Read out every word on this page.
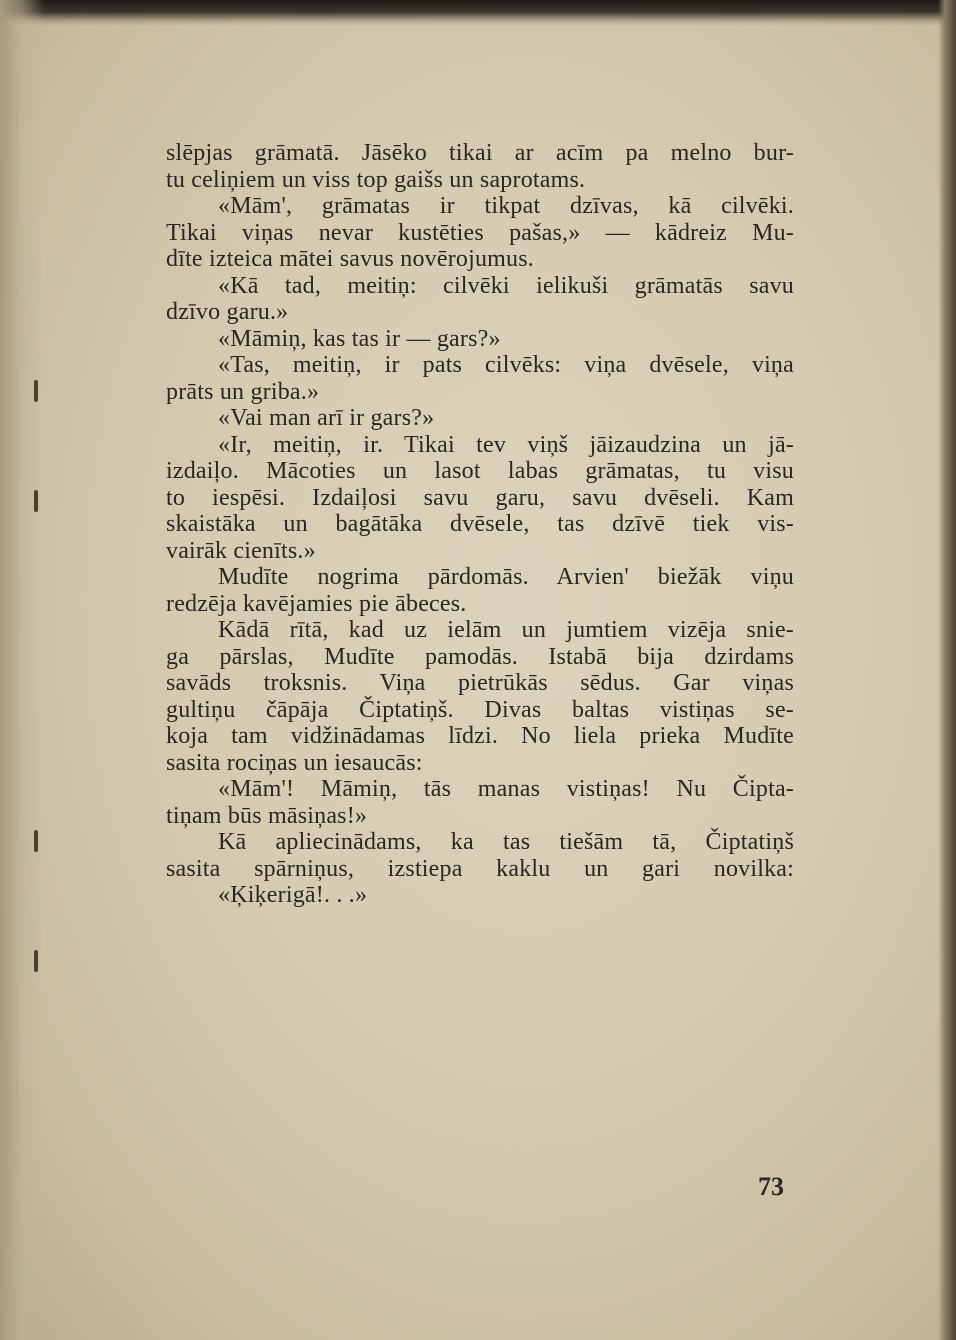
slēpjas grāmatā. Jāsēko tikai ar acīm pa melno bur-
tu celiņiem un viss top gaišs un saprotams.
«Mām', grāmatas ir tikpat dzīvas, kā cilvēki.
Tikai viņas nevar kustēties pašas,» — kādreiz Mu-
dīte izteica mātei savus novērojumus.
«Kā tad, meitiņ: cilvēki ielikuši grāmatās savu
dzīvo garu.»
«Māmiņ, kas tas ir — gars?»
«Tas, meitiņ, ir pats cilvēks: viņa dvēsele, viņa
prāts un griba.»
«Vai man arī ir gars?»
«Ir, meitiņ, ir. Tikai tev viņš jāizaudzina un jā-
izdaiļo. Mācoties un lasot labas grāmatas, tu visu
to iespēsi. Izdaiļosi savu garu, savu dvēseli. Kam
skaistāka un bagātāka dvēsele, tas dzīvē tiek vis-
vairāk cienīts.»
Mudīte nogrima pārdomās. Arvien' biežāk viņu
redzēja kavējamies pie ābeces.
Kādā rītā, kad uz ielām un jumtiem vizēja snie-
ga pārslas, Mudīte pamodās. Istabā bija dzirdams
savāds troksnis. Viņa pietrūkās sēdus. Gar viņas
gultiņu čāpāja Čiptatiņš. Divas baltas vistiņas se-
koja tam vidžinādamas līdzi. No liela prieka Mudīte
sasita rociņas un iesaucās:
«Mām'! Māmiņ, tās manas vistiņas! Nu Čipta-
tiņam būs māsiņas!»
Kā apliecinādams, ka tas tiešām tā, Čiptatiņš
sasita spārniņus, izstiepa kaklu un gari novilka:
«Ķiķerigā!. . .»
73
